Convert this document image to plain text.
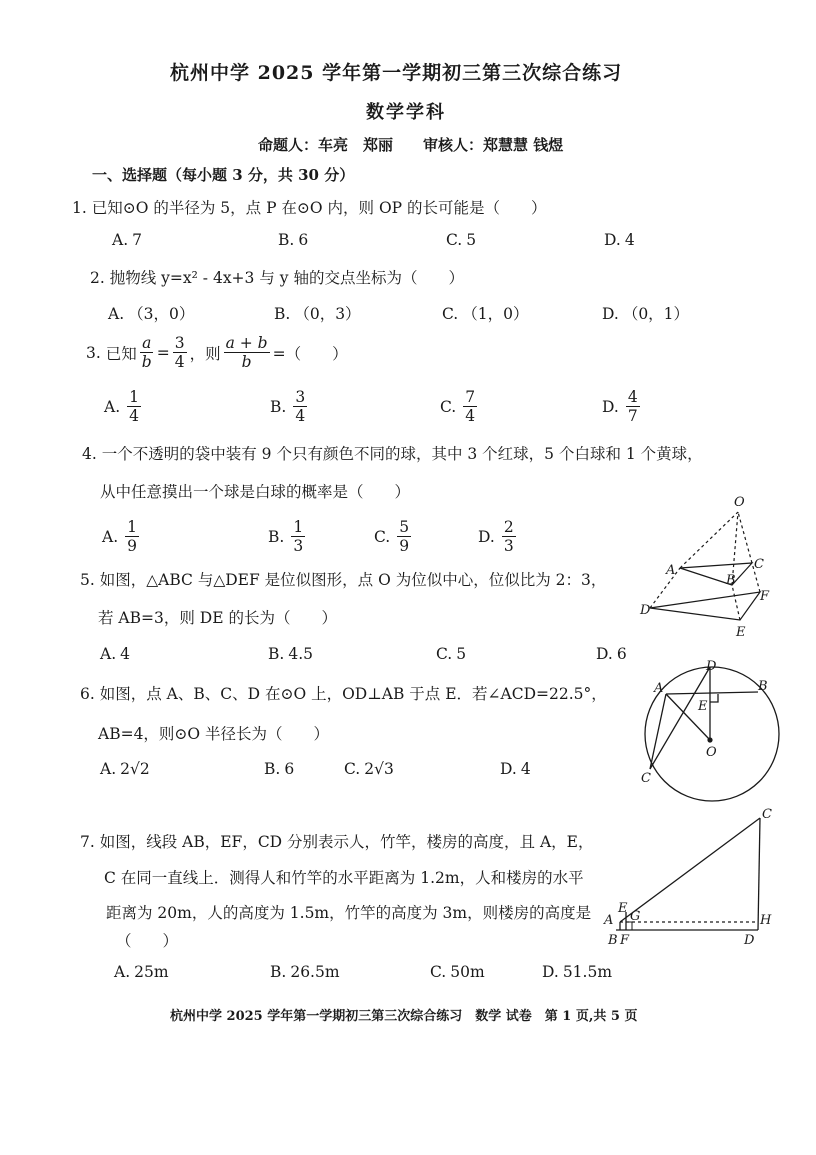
杭州中学 2025 学年第一学期初三第三次综合练习
数学学科
命题人：车亮　郑丽　　审核人：郑慧慧 钱煜
一、选择题（每小题 3 分，共 30 分）
1. 已知⊙O 的半径为 5，点 P 在⊙O 内，则 OP 的长可能是（　　）
A. 7	B. 6	C. 5	D. 4
2. 抛物线 y=x² - 4x+3 与 y 轴的交点坐标为（　　）
A. （3，0）	B. （0，3）	C. （1，0）	D. （0，1）
3.
已知 $\frac{a}{b} = \frac{3}{4}$ ，则 $\frac{a + b}{b}$ =（　　）
A. $\frac{1}{4}$	B. $\frac{3}{4}$	C. $\frac{7}{4}$	D. $\frac{4}{7}$
4. 一个不透明的袋中装有 9 个只有颜色不同的球，其中 3 个红球，5 个白球和 1 个黄球，
从中任意摸出一个球是白球的概率是（　　）
A. $\frac{1}{9}$	B. $\frac{1}{3}$	C. $\frac{5}{9}$	D. $\frac{2}{3}$
5. 如图，△ABC 与△DEF 是位似图形，点 O 为位似中心，位似比为 2：3，
若 AB=3，则 DE 的长为（　　）
A. 4	B. 4.5	C. 5	D. 6
6. 如图，点 A、B、C、D 在⊙O 上，OD⊥AB 于点 E．若∠ACD=22.5°，
AB=4，则⊙O 半径长为（　　）
A. 2√2	B. 6	C. 2√3	D. 4
7. 如图，线段 AB，EF，CD 分别表示人，竹竿，楼房的高度，且 A，E，
C 在同一直线上．测得人和竹竿的水平距离为 1.2m，人和楼房的水平
距离为 20m，人的高度为 1.5m，竹竿的高度为 3m，则楼房的高度是
（　　）
A. 25m	B. 26.5m	C. 50m	D. 51.5m
O
A
B
C
D
E
F
A	B
C
D
E
O
C
E
A G	H
B F	D
杭州中学 2025 学年第一学期初三第三次综合练习　数学 试卷　第 1 页,共 5 页
